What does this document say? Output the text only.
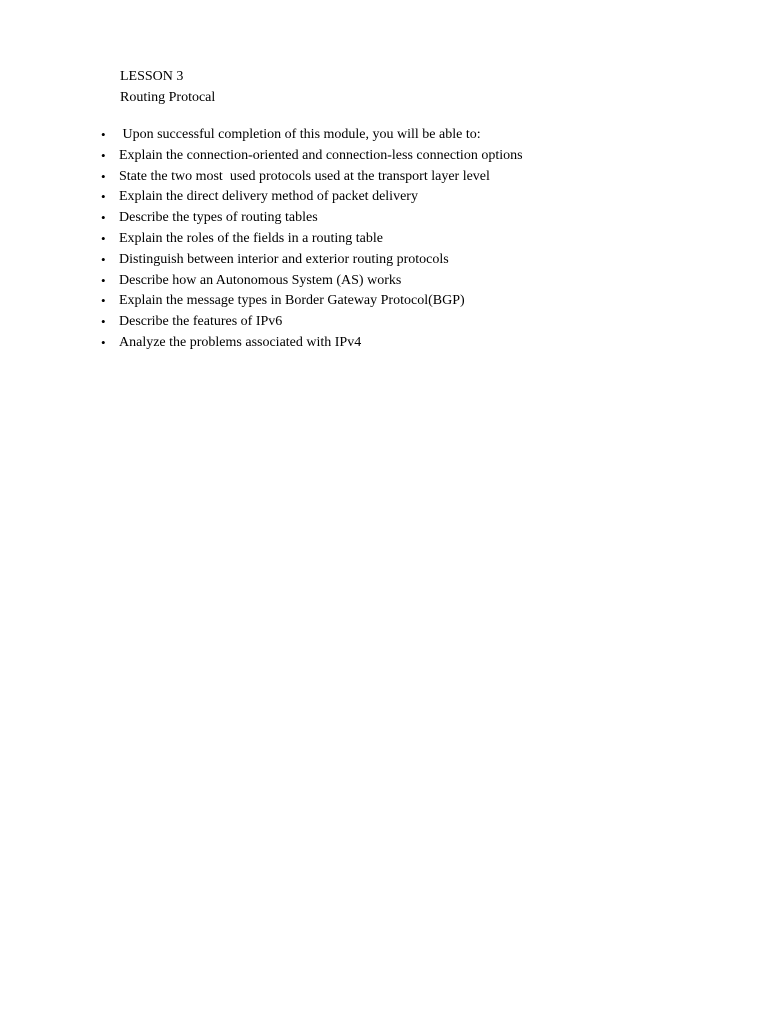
LESSON 3
Routing Protocal

•

Upon successful completion of this module, you will be able to:

•

Explain the connection-oriented and connection-less connection options

•

State the two most  used protocols used at the transport layer level

•

Explain the direct delivery method of packet delivery

•

Describe the types of routing tables

•

Explain the roles of the fields in a routing table

•

Distinguish between interior and exterior routing protocols

•

Describe how an Autonomous System (AS) works

•

Explain the message types in Border Gateway Protocol(BGP)

•

Describe the features of IPv6

•

Analyze the problems associated with IPv4
